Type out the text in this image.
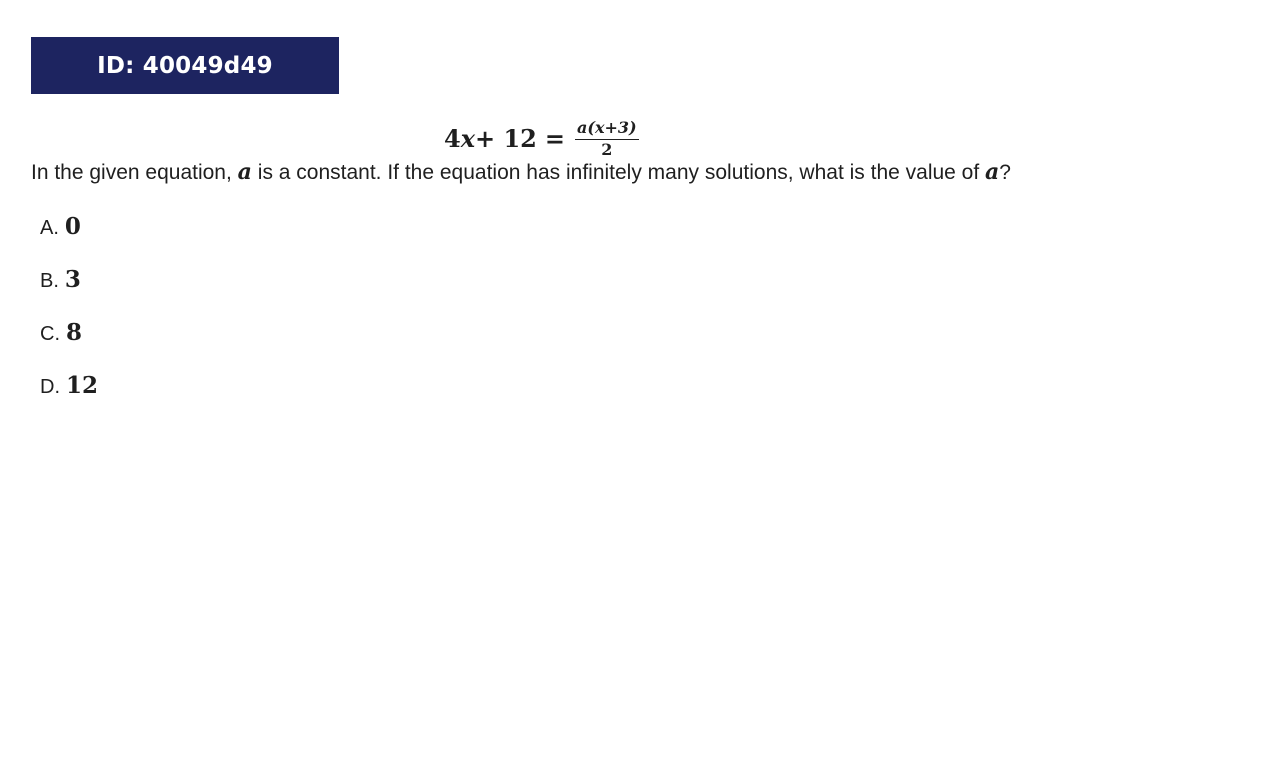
ID: 40049d49
4 $x + 12 = \frac{a(x+3)}{2}$
In the given equation, a is a constant. If the equation has infinitely many solutions, what is the value of a?
A. 0
B. 3
C. 8
D. 12
